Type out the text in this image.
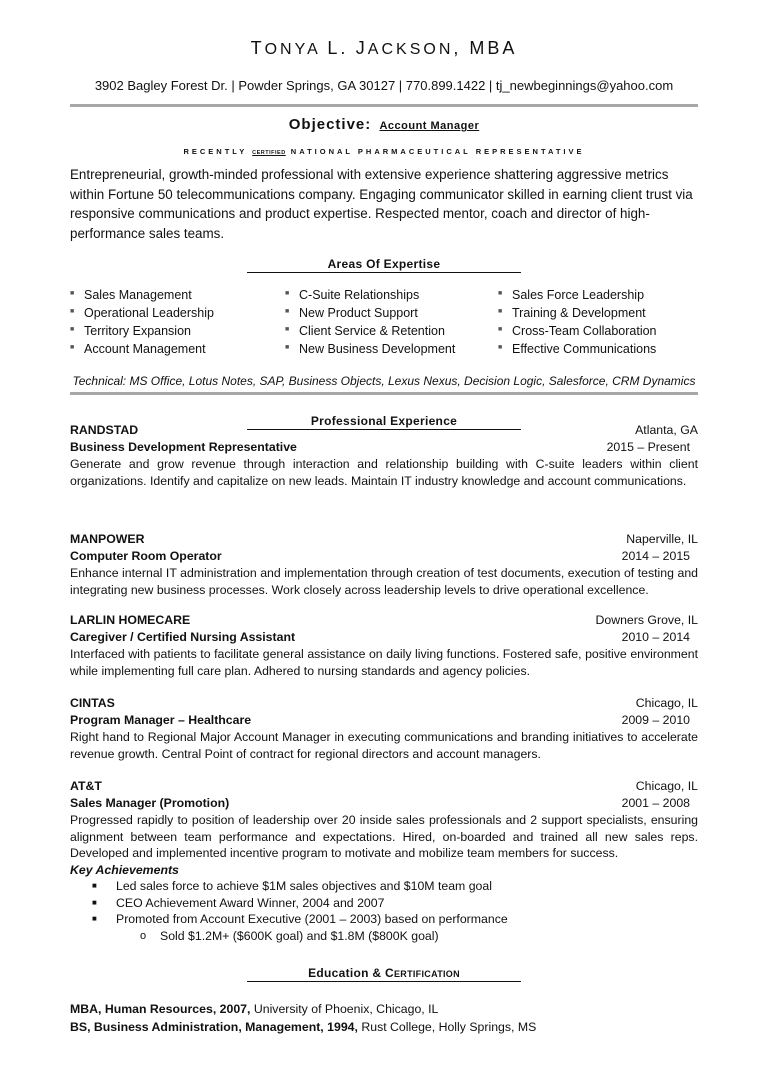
TONYA L. JACKSON, MBA
3902 Bagley Forest Dr. | Powder Springs, GA 30127 | 770.899.1422 | tj_newbeginnings@yahoo.com
Objective: Account Manager
RECENTLY CERTIFIED NATIONAL PHARMACEUTICAL REPRESENTATIVE
Entrepreneurial, growth-minded professional with extensive experience shattering aggressive metrics within Fortune 50 telecommunications company. Engaging communicator skilled in earning client trust via responsive communications and product expertise. Respected mentor, coach and director of high-performance sales teams.
Areas Of Expertise
■ Sales Management
■ Operational Leadership
■ Territory Expansion
■ Account Management
■ C-Suite Relationships
■ New Product Support
■ Client Service & Retention
■ New Business Development
■ Sales Force Leadership
■ Training & Development
■ Cross-Team Collaboration
■ Effective Communications
Technical: MS Office, Lotus Notes, SAP, Business Objects, Lexus Nexus, Decision Logic, Salesforce, CRM Dynamics
Professional Experience
RANDSTAD	Atlanta, GA
Business Development Representative	2015 – Present
Generate and grow revenue through interaction and relationship building with C-suite leaders within client organizations. Identify and capitalize on new leads. Maintain IT industry knowledge and account communications.
MANPOWER	Naperville, IL
Computer Room Operator	2014 – 2015
Enhance internal IT administration and implementation through creation of test documents, execution of testing and integrating new business processes. Work closely across leadership levels to drive operational excellence.
LARLIN HOMECARE	Downers Grove, IL
Caregiver / Certified Nursing Assistant	2010 – 2014
Interfaced with patients to facilitate general assistance on daily living functions. Fostered safe, positive environment while implementing full care plan. Adhered to nursing standards and agency policies.
CINTAS	Chicago, IL
Program Manager – Healthcare	2009 – 2010
Right hand to Regional Major Account Manager in executing communications and branding initiatives to accelerate revenue growth. Central Point of contract for regional directors and account managers.
AT&T	Chicago, IL
Sales Manager (Promotion)	2001 – 2008
Progressed rapidly to position of leadership over 20 inside sales professionals and 2 support specialists, ensuring alignment between team performance and expectations. Hired, on-boarded and trained all new sales reps. Developed and implemented incentive program to motivate and mobilize team members for success.
Key Achievements
■ Led sales force to achieve $1M sales objectives and $10M team goal
■ CEO Achievement Award Winner, 2004 and 2007
■ Promoted from Account Executive (2001 – 2003) based on performance
o Sold $1.2M+ ($600K goal) and $1.8M ($800K goal)
Education & CERTIFICATION
MBA, Human Resources, 2007, University of Phoenix, Chicago, IL
BS, Business Administration, Management, 1994, Rust College, Holly Springs, MS
